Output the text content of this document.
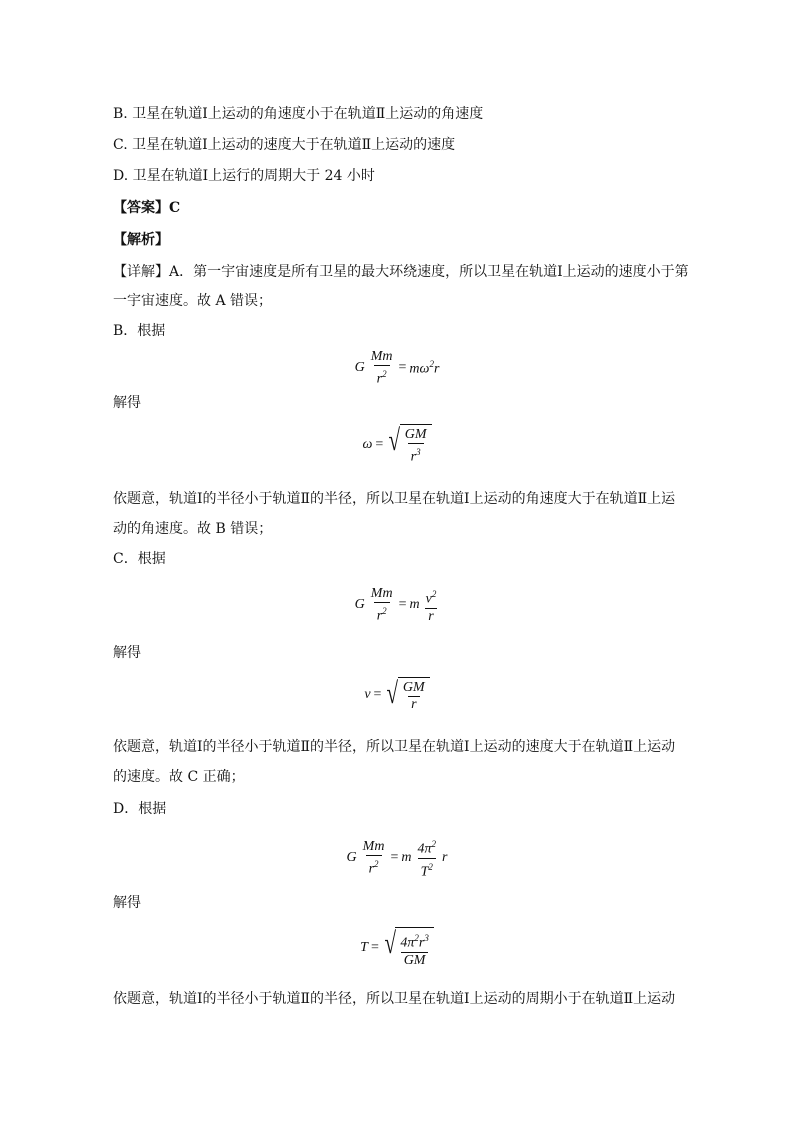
B. 卫星在轨道Ⅰ上运动的角速度小于在轨道Ⅱ上运动的角速度
C. 卫星在轨道Ⅰ上运动的速度大于在轨道Ⅱ上运动的速度
D. 卫星在轨道Ⅰ上运行的周期大于 24 小时
【答案】C
【解析】
【详解】A．第一宇宙速度是所有卫星的最大环绕速度，所以卫星在轨道Ⅰ上运动的速度小于第
一宇宙速度。故 A 错误；
B．根据
G $\frac{Mm}{r^2} = m\omega^2r$
解得
ω = √ $\frac{GM}{r^3}$
依题意，轨道Ⅰ的半径小于轨道Ⅱ的半径，所以卫星在轨道Ⅰ上运动的角速度大于在轨道Ⅱ上运
动的角速度。故 B 错误；
C．根据
G $\frac{Mm}{r^2} = m \frac{v^2}{r}$
解得
v = √ $\frac{GM}{r}$
依题意，轨道Ⅰ的半径小于轨道Ⅱ的半径，所以卫星在轨道Ⅰ上运动的速度大于在轨道Ⅱ上运动
的速度。故 C 正确；
D．根据
G $\frac{Mm}{r^2} = m \frac{4\pi^2}{T^2}$ r
解得
T = √ $\frac{4\pi^2r^3}{GM}$
依题意，轨道Ⅰ的半径小于轨道Ⅱ的半径，所以卫星在轨道Ⅰ上运动的周期小于在轨道Ⅱ上运动
